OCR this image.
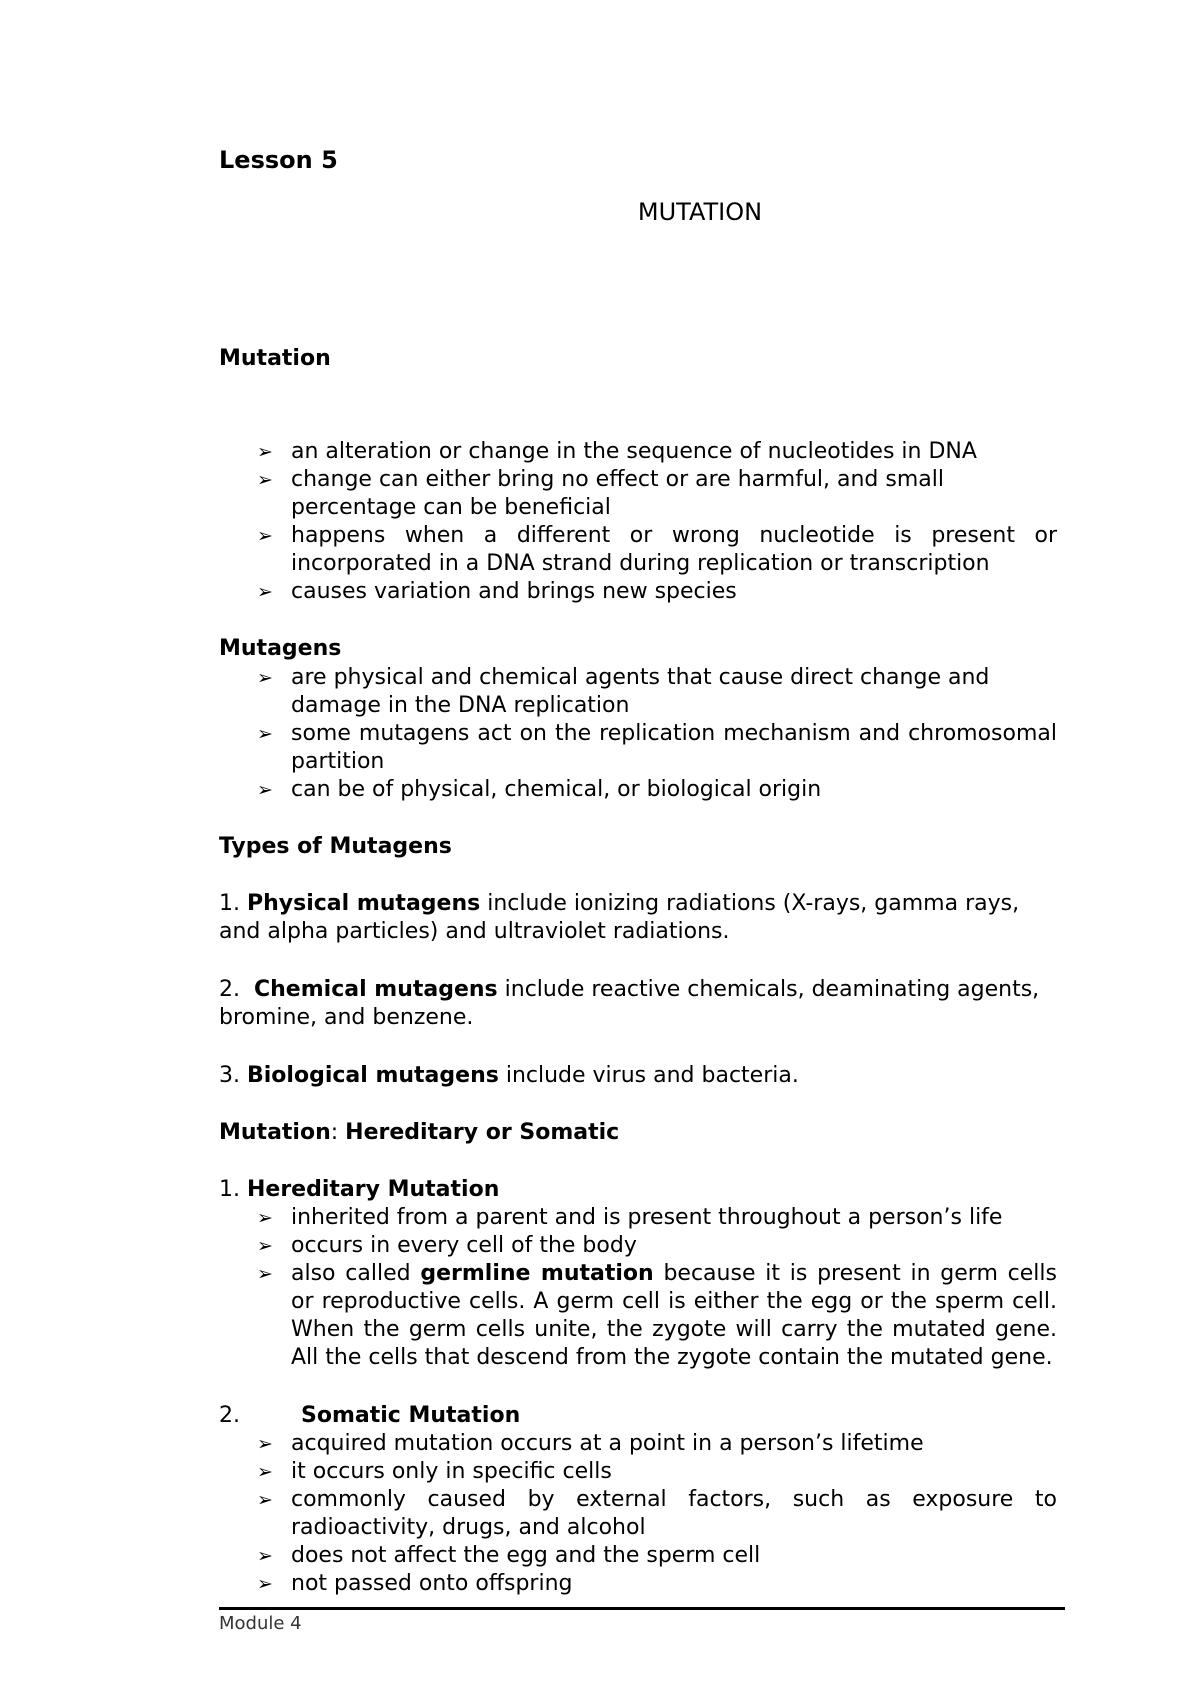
Lesson 5
MUTATION
Mutation
➢ an alteration or change in the sequence of nucleotides in DNA
➢ change can either bring no effect or are harmful, and small percentage can be beneficial
➢ happens when a different or wrong nucleotide is present or incorporated in a DNA strand during replication or transcription
➢ causes variation and brings new species
Mutagens
➢ are physical and chemical agents that cause direct change and damage in the DNA replication
➢ some mutagens act on the replication mechanism and chromosomal partition
➢ can be of physical, chemical, or biological origin
Types of Mutagens
1. Physical mutagens include ionizing radiations (X-rays, gamma rays, and alpha particles) and ultraviolet radiations.
2. Chemical mutagens include reactive chemicals, deaminating agents, bromine, and benzene.
3. Biological mutagens include virus and bacteria.
Mutation: Hereditary or Somatic
1. Hereditary Mutation
➢ inherited from a parent and is present throughout a person’s life
➢ occurs in every cell of the body
➢ also called germline mutation because it is present in germ cells or reproductive cells. A germ cell is either the egg or the sperm cell. When the germ cells unite, the zygote will carry the mutated gene. All the cells that descend from the zygote contain the mutated gene.
2.	Somatic Mutation
➢ acquired mutation occurs at a point in a person’s lifetime
➢ it occurs only in specific cells
➢ commonly caused by external factors, such as exposure to radioactivity, drugs, and alcohol
➢ does not affect the egg and the sperm cell
➢ not passed onto offspring
Module 4
